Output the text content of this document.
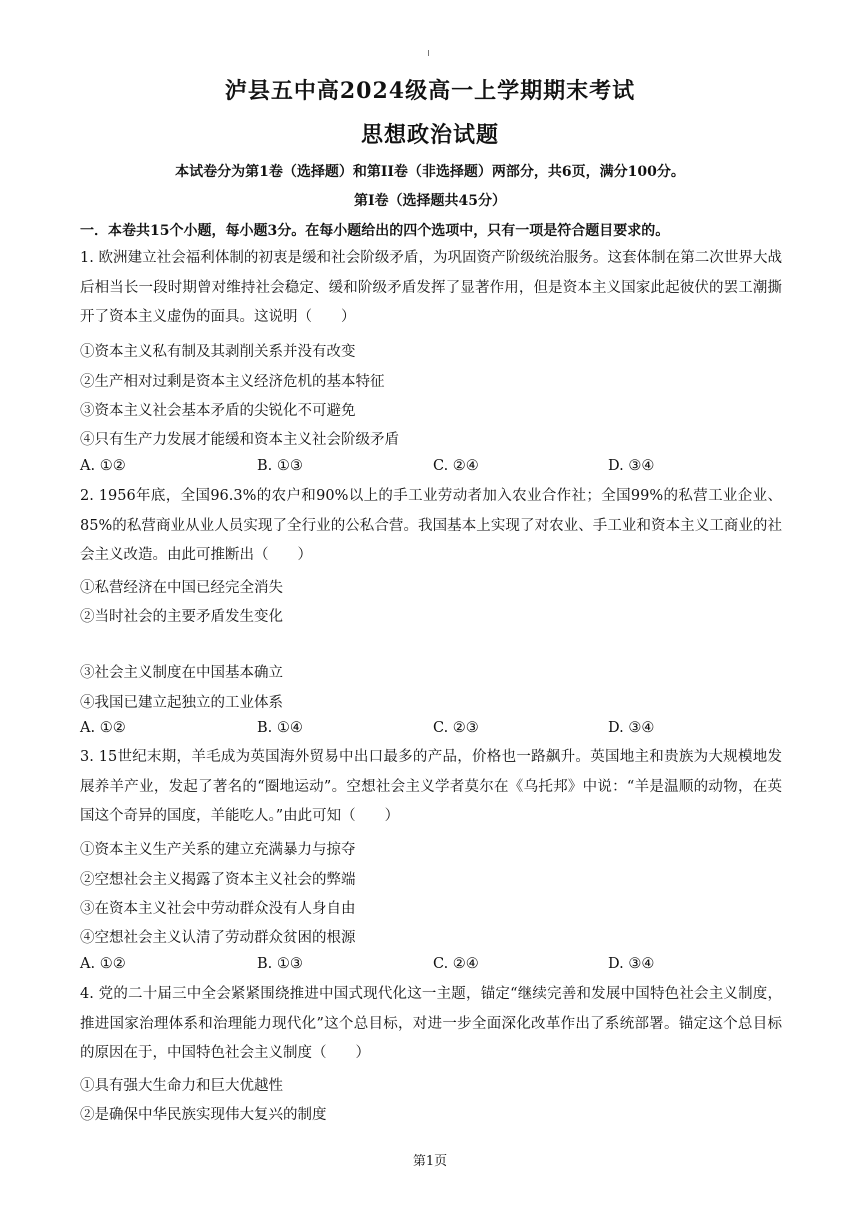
泸县五中高2024级高一上学期期末考试
思想政治试题
本试卷分为第1卷（选择题）和第II卷（非选择题）两部分，共6页，满分100分。
第I卷（选择题共45分）
一．本卷共15个小题，每小题3分。在每小题给出的四个选项中，只有一项是符合题目要求的。
1. 欧洲建立社会福利体制的初衷是缓和社会阶级矛盾，为巩固资产阶级统治服务。这套体制在第二次世界大战后相当长一段时期曾对维持社会稳定、缓和阶级矛盾发挥了显著作用，但是资本主义国家此起彼伏的罢工潮撕开了资本主义虚伪的面具。这说明（　　）
①资本主义私有制及其剥削关系并没有改变
②生产相对过剩是资本主义经济危机的基本特征
③资本主义社会基本矛盾的尖锐化不可避免
④只有生产力发展才能缓和资本主义社会阶级矛盾
A. ①②	B. ①③	C. ②④	D. ③④
2. 1956年底，全国96.3%的农户和90%以上的手工业劳动者加入农业合作社；全国99%的私营工业企业、85%的私营商业从业人员实现了全行业的公私合营。我国基本上实现了对农业、手工业和资本主义工商业的社会主义改造。由此可推断出（　　）
①私营经济在中国已经完全消失
②当时社会的主要矛盾发生变化
③社会主义制度在中国基本确立
④我国已建立起独立的工业体系
A. ①②	B. ①④	C. ②③	D. ③④
3. 15世纪末期，羊毛成为英国海外贸易中出口最多的产品，价格也一路飙升。英国地主和贵族为大规模地发展养羊产业，发起了著名的“圈地运动”。空想社会主义学者莫尔在《乌托邦》中说：“羊是温顺的动物，在英国这个奇异的国度，羊能吃人。”由此可知（　　）
①资本主义生产关系的建立充满暴力与掠夺
②空想社会主义揭露了资本主义社会的弊端
③在资本主义社会中劳动群众没有人身自由
④空想社会主义认清了劳动群众贫困的根源
A. ①②	B. ①③	C. ②④	D. ③④
4. 党的二十届三中全会紧紧围绕推进中国式现代化这一主题，锚定“继续完善和发展中国特色社会主义制度，推进国家治理体系和治理能力现代化”这个总目标，对进一步全面深化改革作出了系统部署。锚定这个总目标的原因在于，中国特色社会主义制度（　　）
①具有强大生命力和巨大优越性
②是确保中华民族实现伟大复兴的制度
第1页
